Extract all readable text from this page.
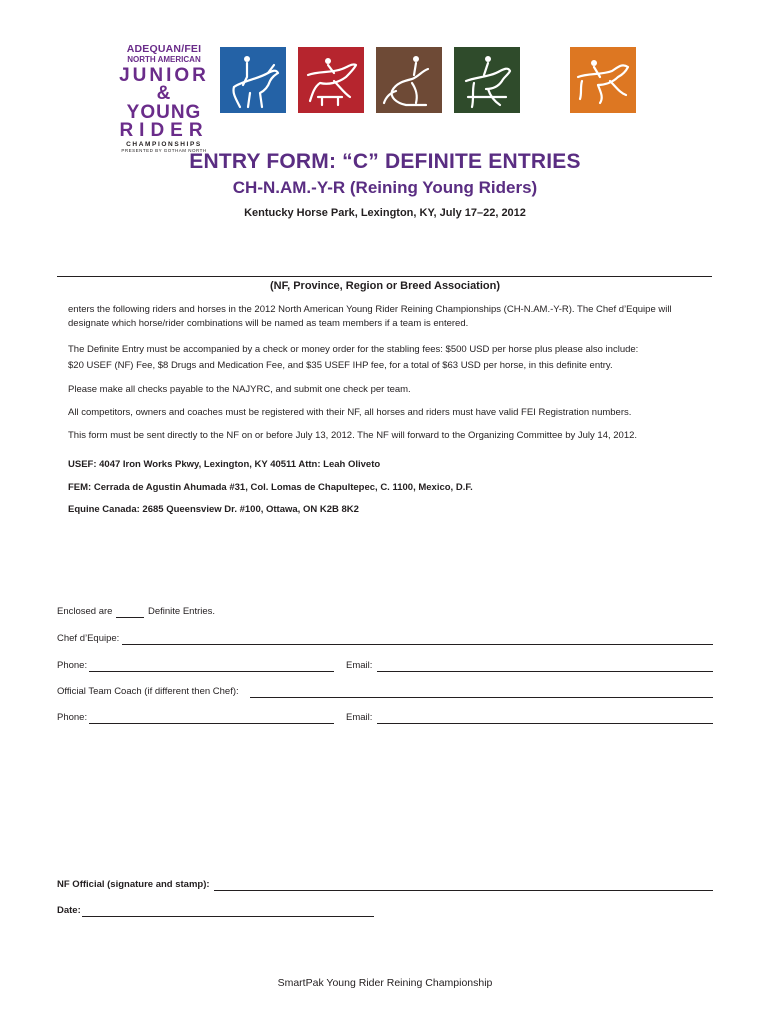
ADEQUAN/FEI
NORTH AMERICAN
JUNIOR
& YOUNG
RIDER
CHAMPIONSHIPS
PRESENTED BY GOTHAM NORTH
ENTRY FORM: “C” DEFINITE ENTRIES
CH-N.AM.-Y-R (Reining Young Riders)
Kentucky Horse Park, Lexington, KY, July 17–22, 2012
(NF, Province, Region or Breed Association)
enters the following riders and horses in the 2012 North American Young Rider Reining Championships (CH-N.AM.-Y-R). The Chef d’Equipe will designate which horse/rider combinations will be named as team members if a team is entered.
The Definite Entry must be accompanied by a check or money order for the stabling fees: $500 USD per horse plus please also include:
$20 USEF (NF) Fee, $8 Drugs and Medication Fee, and $35 USEF IHP fee, for a total of $63 USD per horse, in this definite entry.
Please make all checks payable to the NAJYRC, and submit one check per team.
All competitors, owners and coaches must be registered with their NF, all horses and riders must have valid FEI Registration numbers.
This form must be sent directly to the NF on or before July 13, 2012. The NF will forward to the Organizing Committee by July 14, 2012.
USEF: 4047 Iron Works Pkwy, Lexington, KY 40511 Attn: Leah Oliveto
FEM: Cerrada de Agustin Ahumada #31, Col. Lomas de Chapultepec, C. 1100, Mexico, D.F.
Equine Canada: 2685 Queensview Dr. #100, Ottawa, ON K2B 8K2
Enclosed are	Definite Entries.
Chef d’Equipe:
Phone:	Email:
Official Team Coach (if different then Chef):
Phone:	Email:
NF Official (signature and stamp):
Date:
SmartPak Young Rider Reining Championship
